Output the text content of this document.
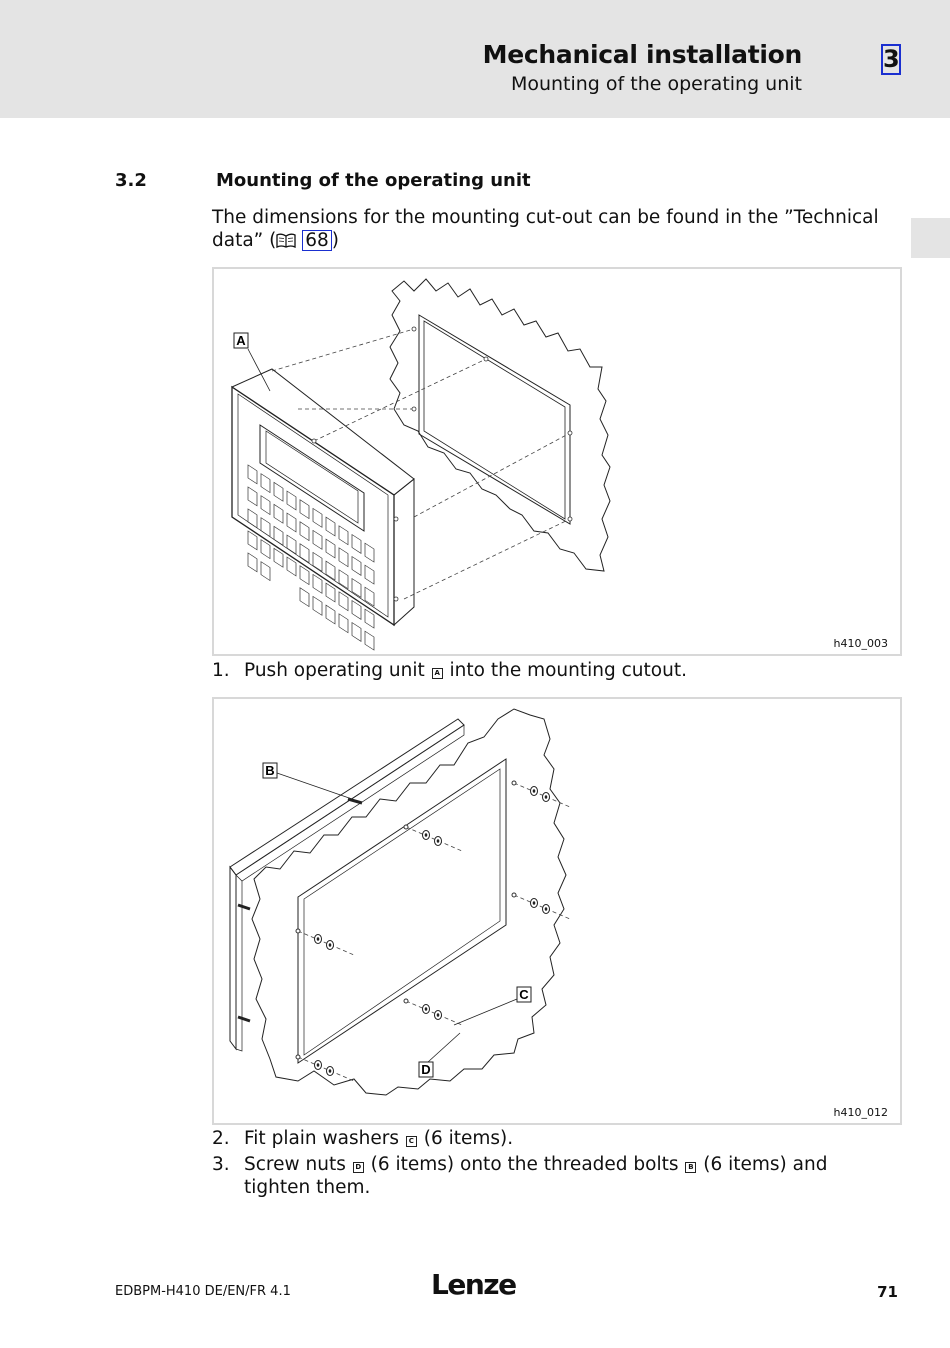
Mechanical installation
Mounting of the operating unit
3
3.2	Mounting of the operating unit
The dimensions for the mounting cut-out can be found in the ”Technical data” ( 68 )
A
h410_003
1. Push operating unit A into the mounting cutout.
B
C
D
h410_012
2. Fit plain washers C (6 items).
3. Screw nuts D (6 items) onto the threaded bolts B (6 items) and tighten them.
EDBPM-H410 DE/EN/FR 4.1	Lenze	71
